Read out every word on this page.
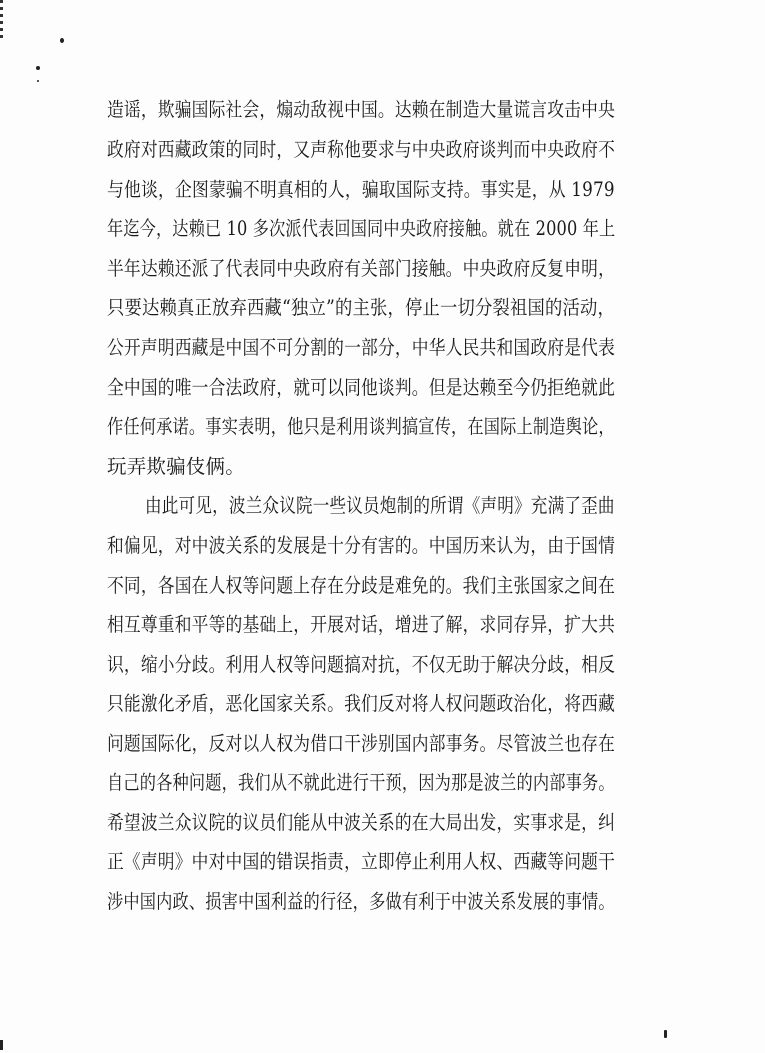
造谣，欺骗国际社会，煽动敌视中国。达赖在制造大量谎言攻击中央
政府对西藏政策的同时，又声称他要求与中央政府谈判而中央政府不
与他谈，企图蒙骗不明真相的人，骗取国际支持。事实是，从 1979
年迄今，达赖已 10 多次派代表回国同中央政府接触。就在 2000 年上
半年达赖还派了代表同中央政府有关部门接触。中央政府反复申明，
只要达赖真正放弃西藏“独立”的主张，停止一切分裂祖国的活动，
公开声明西藏是中国不可分割的一部分，中华人民共和国政府是代表
全中国的唯一合法政府，就可以同他谈判。但是达赖至今仍拒绝就此
作任何承诺。事实表明，他只是利用谈判搞宣传，在国际上制造舆论，
玩弄欺骗伎俩。
由此可见，波兰众议院一些议员炮制的所谓《声明》充满了歪曲
和偏见，对中波关系的发展是十分有害的。中国历来认为，由于国情
不同，各国在人权等问题上存在分歧是难免的。我们主张国家之间在
相互尊重和平等的基础上，开展对话，增进了解，求同存异，扩大共
识，缩小分歧。利用人权等问题搞对抗，不仅无助于解决分歧，相反
只能激化矛盾，恶化国家关系。我们反对将人权问题政治化，将西藏
问题国际化，反对以人权为借口干涉别国内部事务。尽管波兰也存在
自己的各种问题，我们从不就此进行干预，因为那是波兰的内部事务。
希望波兰众议院的议员们能从中波关系的在大局出发，实事求是，纠
正《声明》中对中国的错误指责，立即停止利用人权、西藏等问题干
涉中国内政、损害中国利益的行径，多做有利于中波关系发展的事情。
